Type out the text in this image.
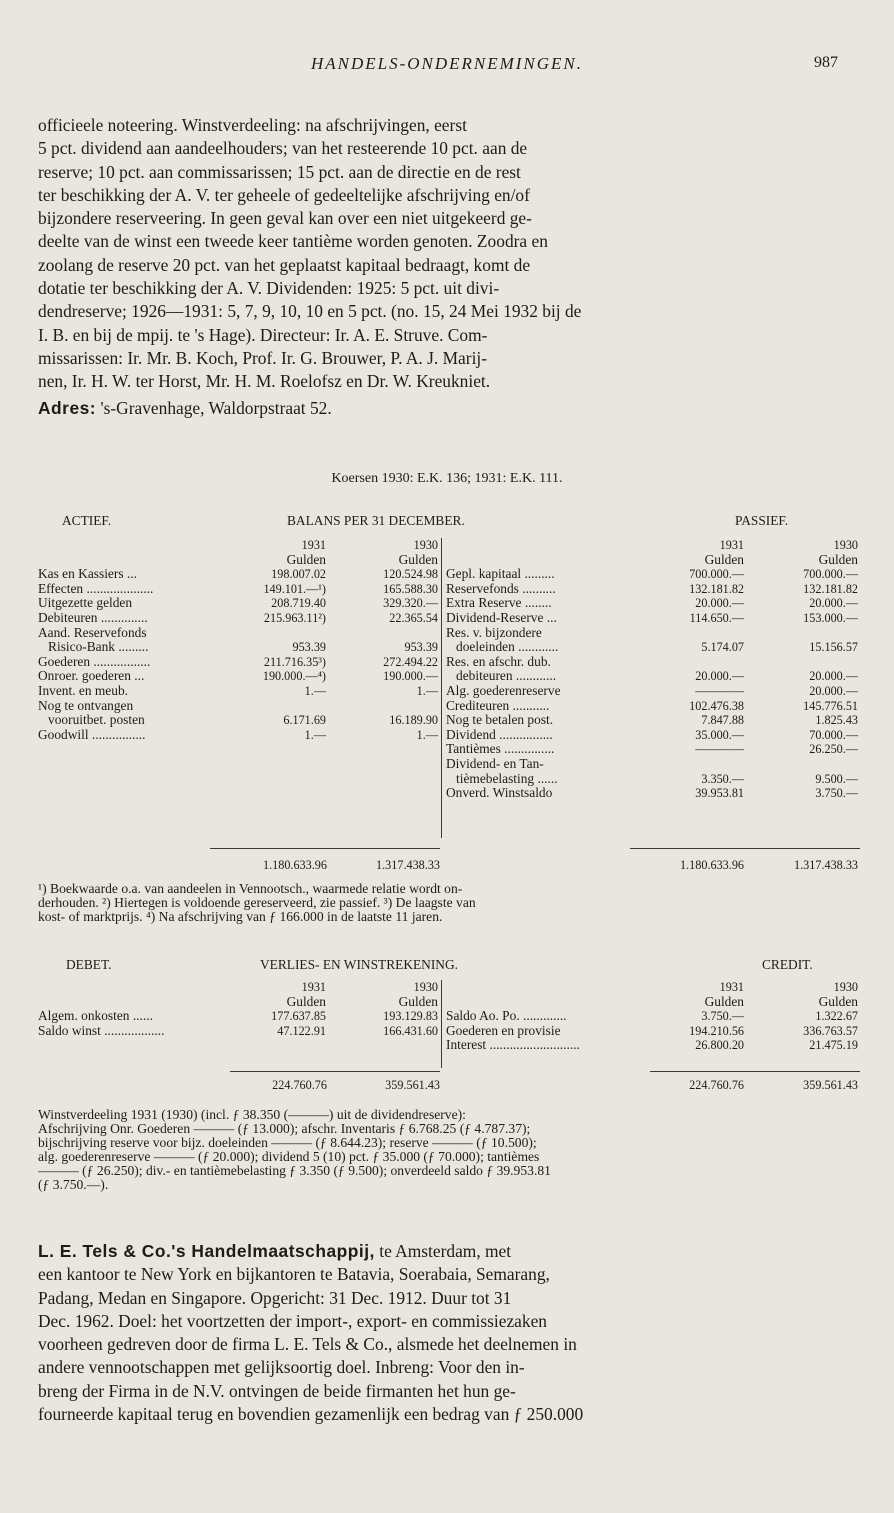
HANDELS-ONDERNEMINGEN.	987
officieele noteering. Winstverdeeling: na afschrijvingen, eerst
5 pct. dividend aan aandeelhouders; van het resteerende 10 pct. aan de
reserve; 10 pct. aan commissarissen; 15 pct. aan de directie en de rest
ter beschikking der A. V. ter geheele of gedeeltelijke afschrijving en/of
bijzondere reserveering. In geen geval kan over een niet uitgekeerd ge-
deelte van de winst een tweede keer tantième worden genoten. Zoodra en
zoolang de reserve 20 pct. van het geplaatst kapitaal bedraagt, komt de
dotatie ter beschikking der A. V. Dividenden: 1925: 5 pct. uit divi-
dendreserve; 1926—1931: 5, 7, 9, 10, 10 en 5 pct. (no. 15, 24 Mei 1932 bij de
I. B. en bij de mpij. te 's Hage). Directeur: Ir. A. E. Struve. Com-
missarissen: Ir. Mr. B. Koch, Prof. Ir. G. Brouwer, P. A. J. Marij-
nen, Ir. H. W. ter Horst, Mr. H. M. Roelofsz en Dr. W. Kreukniet.
Adres: 's-Gravenhage, Waldorpstraat 52.
Koersen 1930: E.K. 136; 1931: E.K. 111.
ACTIEF.	BALANS PER 31 DECEMBER.	PASSIEF.
	1931	1930
	Gulden	Gulden
Kas en Kassiers ...	198.007.02	120.524.98
Effecten ....................	149.101.—¹)	165.588.30
Uitgezette gelden	208.719.40	329.320.—
Debiteuren ..............	215.963.11²)	22.365.54
Aand. Reservefonds		
Risico-Bank .........	953.39	953.39
Goederen .................	211.716.35³)	272.494.22
Onroer. goederen ...	190.000.—⁴)	190.000.—
Invent. en meub.	1.—	1.—
Nog te ontvangen		
vooruitbet. posten	6.171.69	16.189.90
Goodwill ................	1.—	1.—
	1931	1930
	Gulden	Gulden
Gepl. kapitaal .........	700.000.—	700.000.—
Reservefonds ..........	132.181.82	132.181.82
Extra Reserve ........	20.000.—	20.000.—
Dividend-Reserve ...	114.650.—	153.000.—
Res. v. bijzondere		
doeleinden ............	5.174.07	15.156.57
Res. en afschr. dub.		
debiteuren ............	20.000.—	20.000.—
Alg. goederenreserve	————	20.000.—
Crediteuren ...........	102.476.38	145.776.51
Nog te betalen post.	7.847.88	1.825.43
Dividend ................	35.000.—	70.000.—
Tantièmes ...............	————	26.250.—
Dividend- en Tan-		
tièmebelasting ......	3.350.—	9.500.—
Onverd. Winstsaldo	39.953.81	3.750.—
1.180.633.96	1.317.438.33	1.180.633.96	1.317.438.33
¹) Boekwaarde o.a. van aandeelen in Vennootsch., waarmede relatie wordt on-
derhouden. ²) Hiertegen is voldoende gereserveerd, zie passief. ³) De laagste van
kost- of marktprijs. ⁴) Na afschrijving van ƒ 166.000 in de laatste 11 jaren.
DEBET.	VERLIES- EN WINSTREKENING.	CREDIT.
	1931	1930
	Gulden	Gulden
Algem. onkosten ......	177.637.85	193.129.83
Saldo winst ..................	47.122.91	166.431.60
	1931	1930
	Gulden	Gulden
Saldo Ao. Po. .............	3.750.—	1.322.67
Goederen en provisie	194.210.56	336.763.57
Interest ...........................	26.800.20	21.475.19
224.760.76	359.561.43	224.760.76	359.561.43
Winstverdeeling 1931 (1930) (incl. ƒ 38.350 (———) uit de dividendreserve):
Afschrijving Onr. Goederen ——— (ƒ 13.000); afschr. Inventaris ƒ 6.768.25 (ƒ 4.787.37);
bijschrijving reserve voor bijz. doeleinden ——— (ƒ 8.644.23); reserve ——— (ƒ 10.500);
alg. goederenreserve ——— (ƒ 20.000); dividend 5 (10) pct. ƒ 35.000 (ƒ 70.000); tantièmes
——— (ƒ 26.250); div.- en tantièmebelasting ƒ 3.350 (ƒ 9.500); onverdeeld saldo ƒ 39.953.81
(ƒ 3.750.—).
L. E. Tels & Co.'s Handelmaatschappij, te Amsterdam, met
een kantoor te New York en bijkantoren te Batavia, Soerabaia, Semarang,
Padang, Medan en Singapore. Opgericht: 31 Dec. 1912. Duur tot 31
Dec. 1962. Doel: het voortzetten der import-, export- en commissiezaken
voorheen gedreven door de firma L. E. Tels & Co., alsmede het deelnemen in
andere vennootschappen met gelijksoortig doel. Inbreng: Voor den in-
breng der Firma in de N.V. ontvingen de beide firmanten het hun ge-
fourneerde kapitaal terug en bovendien gezamenlijk een bedrag van ƒ 250.000
